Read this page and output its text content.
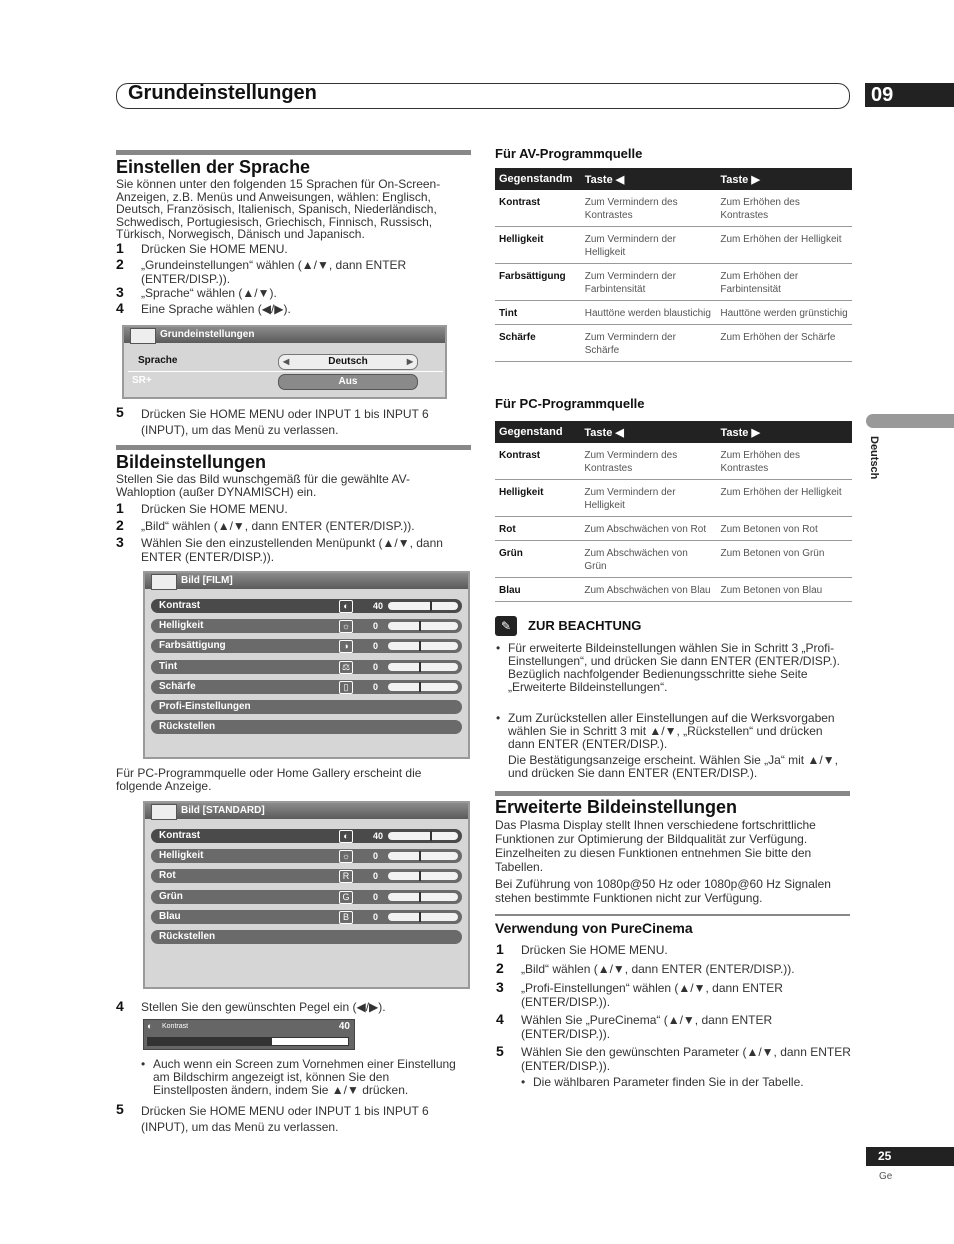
Grundeinstellungen	09
Deutsch
Einstellen der Sprache
Sie können unter den folgenden 15 Sprachen für On-Screen-Anzeigen, z.B. Menüs und Anweisungen, wählen: Englisch, Deutsch, Französisch, Italienisch, Spanisch, Niederländisch, Schwedisch, Portugiesisch, Griechisch, Finnisch, Russisch, Türkisch, Norwegisch, Dänisch und Japanisch.
1 Drücken Sie HOME MENU.
2 „Grundeinstellungen“ wählen (▲/▼, dann ENTER (ENTER/DISP.)).
3 „Sprache“ wählen (▲/▼).
4 Eine Sprache wählen (◀/▶).
Grundeinstellungen
Sprache	◀	Deutsch	▶
SR+	Aus
5 Drücken Sie HOME MENU oder INPUT 1 bis INPUT 6 (INPUT), um das Menü zu verlassen.
Bildeinstellungen
Stellen Sie das Bild wunschgemäß für die gewählte AV-Wahloption (außer DYNAMISCH) ein.
1 Drücken Sie HOME MENU.
2 „Bild“ wählen (▲/▼, dann ENTER (ENTER/DISP.)).
3 Wählen Sie den einzustellenden Menüpunkt (▲/▼, dann ENTER (ENTER/DISP.)).
Bild [FILM]
Kontrast	◐	40
Helligkeit	☼	0
Farbsättigung	◑	0
Tint	⚖	0
Schärfe	▯	0
Profi-Einstellungen
Rückstellen
Für PC-Programmquelle oder Home Gallery erscheint die folgende Anzeige.
Bild [STANDARD]
Kontrast	◐	40
Helligkeit	☼	0
Rot	R	0
Grün	G	0
Blau	B	0
Rückstellen
4 Stellen Sie den gewünschten Pegel ein (◀/▶).
◐ Kontrast	40
• Auch wenn ein Screen zum Vornehmen einer Einstellung am Bildschirm angezeigt ist, können Sie den Einstellposten ändern, indem Sie ▲/▼ drücken.
5 Drücken Sie HOME MENU oder INPUT 1 bis INPUT 6 (INPUT), um das Menü zu verlassen.
Für AV-Programmquelle
Gegenstandm	Taste ◀	Taste ▶
Kontrast	Zum Vermindern des Kontrastes	Zum Erhöhen des Kontrastes
Helligkeit	Zum Vermindern der Helligkeit	Zum Erhöhen der Helligkeit
Farbsättigung	Zum Vermindern der Farbintensität	Zum Erhöhen der Farbintensität
Tint	Hauttöne werden blaustichig	Hauttöne werden grünstichig
Schärfe	Zum Vermindern der Schärfe	Zum Erhöhen der Schärfe
Für PC-Programmquelle
Gegenstand	Taste ◀	Taste ▶
Kontrast	Zum Vermindern des Kontrastes	Zum Erhöhen des Kontrastes
Helligkeit	Zum Vermindern der Helligkeit	Zum Erhöhen der Helligkeit
Rot	Zum Abschwächen von Rot	Zum Betonen von Rot
Grün	Zum Abschwächen von Grün	Zum Betonen von Grün
Blau	Zum Abschwächen von Blau	Zum Betonen von Blau
✎	ZUR BEACHTUNG
• Für erweiterte Bildeinstellungen wählen Sie in Schritt 3 „Profi-Einstellungen“, und drücken Sie dann ENTER (ENTER/DISP.). Bezüglich nachfolgender Bedienungsschritte siehe Seite „Erweiterte Bildeinstellungen“.
• Zum Zurückstellen aller Einstellungen auf die Werksvorgaben wählen Sie in Schritt 3 mit ▲/▼, „Rückstellen“ und drücken dann ENTER (ENTER/DISP.).
Die Bestätigungsanzeige erscheint. Wählen Sie „Ja“ mit ▲/▼, und drücken Sie dann ENTER (ENTER/DISP.).
Erweiterte Bildeinstellungen
Das Plasma Display stellt Ihnen verschiedene fortschrittliche Funktionen zur Optimierung der Bildqualität zur Verfügung. Einzelheiten zu diesen Funktionen entnehmen Sie bitte den Tabellen.
Bei Zuführung von 1080p@50 Hz oder 1080p@60 Hz Signalen stehen bestimmte Funktionen nicht zur Verfügung.
Verwendung von PureCinema
1 Drücken Sie HOME MENU.
2 „Bild“ wählen (▲/▼, dann ENTER (ENTER/DISP.)).
3 „Profi-Einstellungen“ wählen (▲/▼, dann ENTER (ENTER/DISP.)).
4 Wählen Sie „PureCinema“ (▲/▼, dann ENTER (ENTER/DISP.)).
5 Wählen Sie den gewünschten Parameter (▲/▼, dann ENTER (ENTER/DISP.)).
• Die wählbaren Parameter finden Sie in der Tabelle.
25
Ge
